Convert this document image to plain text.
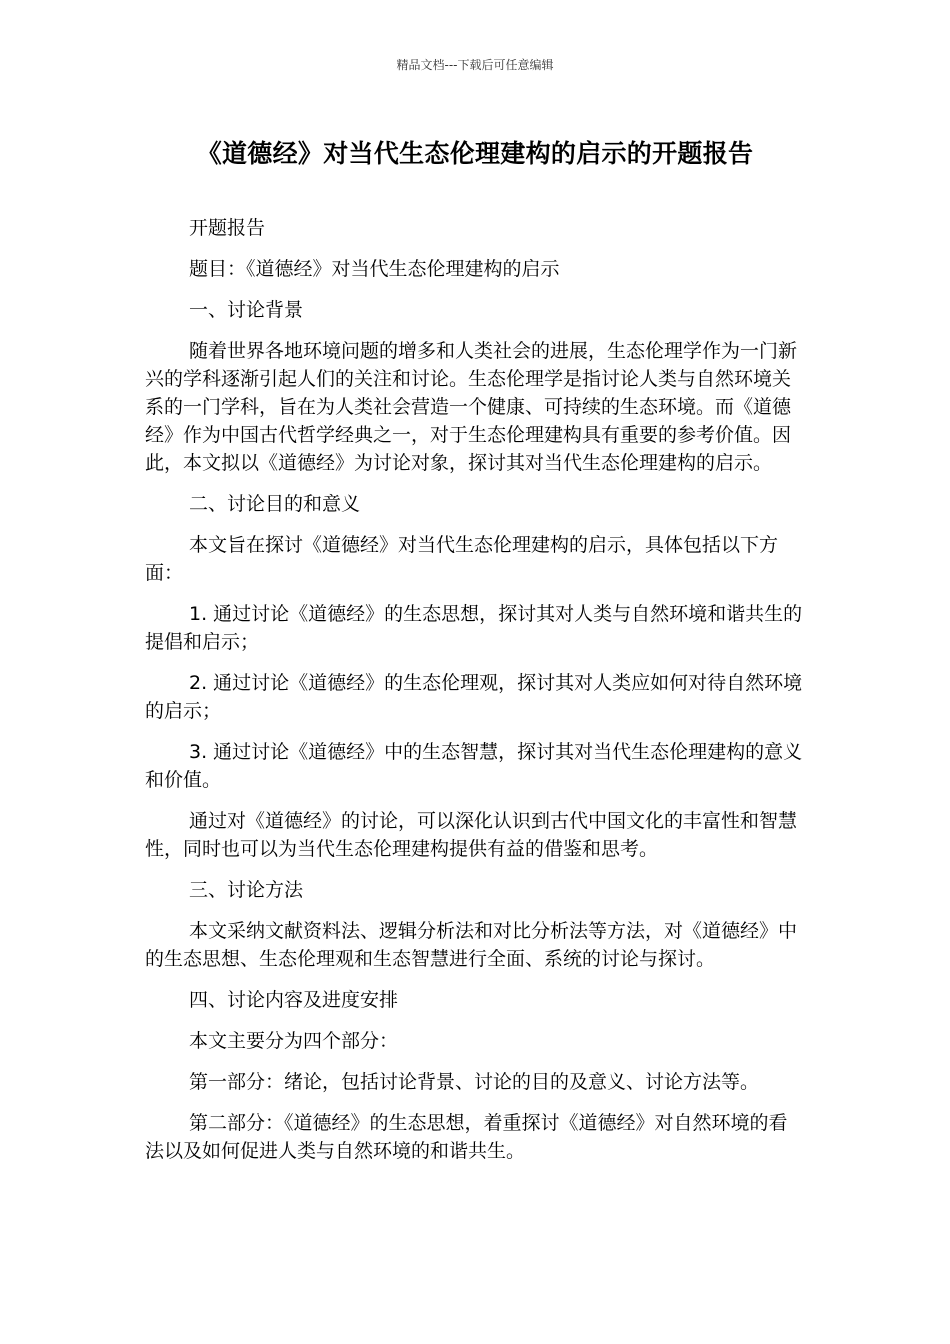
精品文档---下载后可任意编辑
《道德经》对当代生态伦理建构的启示的开题报告

开题报告

题目：《道德经》对当代生态伦理建构的启示

一、讨论背景

随着世界各地环境问题的增多和人类社会的进展，生态伦理学作为一门新兴的学科逐渐引起人们的关注和讨论。生态伦理学是指讨论人类与自然环境关系的一门学科，旨在为人类社会营造一个健康、可持续的生态环境。而《道德经》作为中国古代哲学经典之一，对于生态伦理建构具有重要的参考价值。因此，本文拟以《道德经》为讨论对象，探讨其对当代生态伦理建构的启示。

二、讨论目的和意义

本文旨在探讨《道德经》对当代生态伦理建构的启示，具体包括以下方面：

1. 通过讨论《道德经》的生态思想，探讨其对人类与自然环境和谐共生的提倡和启示；

2. 通过讨论《道德经》的生态伦理观，探讨其对人类应如何对待自然环境的启示；

3. 通过讨论《道德经》中的生态智慧，探讨其对当代生态伦理建构的意义和价值。

通过对《道德经》的讨论，可以深化认识到古代中国文化的丰富性和智慧性，同时也可以为当代生态伦理建构提供有益的借鉴和思考。

三、讨论方法

本文采纳文献资料法、逻辑分析法和对比分析法等方法，对《道德经》中的生态思想、生态伦理观和生态智慧进行全面、系统的讨论与探讨。

四、讨论内容及进度安排

本文主要分为四个部分：

第一部分：绪论，包括讨论背景、讨论的目的及意义、讨论方法等。

第二部分：《道德经》的生态思想，着重探讨《道德经》对自然环境的看法以及如何促进人类与自然环境的和谐共生。
